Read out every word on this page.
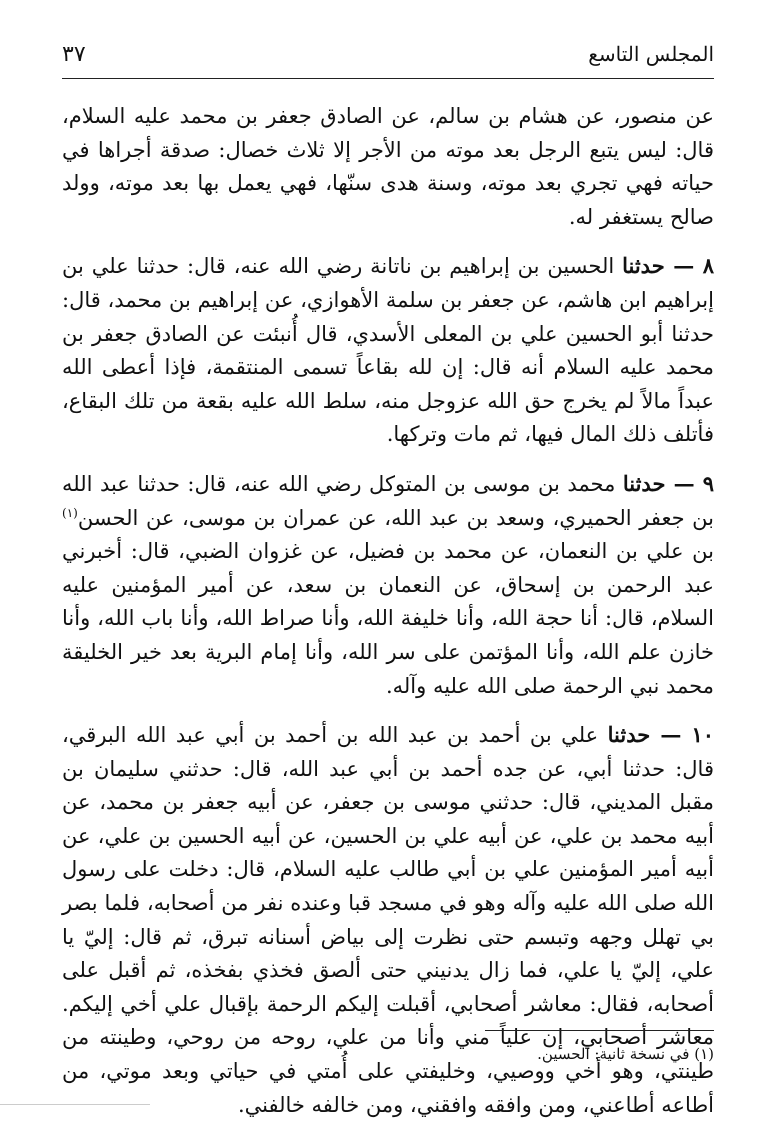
٣٧	المجلس التاسع

عن منصور، عن هشام بن سالم، عن الصادق جعفر بن محمد عليه السلام، قال: ليس يتبع الرجل بعد موته من الأجر إلا ثلاث خصال: صدقة أجراها في حياته فهي تجري بعد موته، وسنة هدى سنّها، فهي يعمل بها بعد موته، وولد صالح يستغفر له.

٨ — حدثنا الحسين بن إبراهيم بن ناتانة رضي الله عنه، قال: حدثنا علي بن إبراهيم ابن هاشم، عن جعفر بن سلمة الأهوازي، عن إبراهيم بن محمد، قال: حدثنا أبو الحسين علي بن المعلى الأسدي، قال أُنبئت عن الصادق جعفر بن محمد عليه السلام أنه قال: إن لله بقاعاً تسمى المنتقمة، فإذا أعطى الله عبداً مالاً لم يخرج حق الله عزوجل منه، سلط الله عليه بقعة من تلك البقاع، فأتلف ذلك المال فيها، ثم مات وتركها.

٩ — حدثنا محمد بن موسى بن المتوكل رضي الله عنه، قال: حدثنا عبد الله بن جعفر الحميري، وسعد بن عبد الله، عن عمران بن موسى، عن الحسن$^{(١)}$ بن علي بن النعمان، عن محمد بن فضيل، عن غزوان الضبي، قال: أخبرني عبد الرحمن بن إسحاق، عن النعمان بن سعد، عن أمير المؤمنين عليه السلام، قال: أنا حجة الله، وأنا خليفة الله، وأنا صراط الله، وأنا باب الله، وأنا خازن علم الله، وأنا المؤتمن على سر الله، وأنا إمام البرية بعد خير الخليقة محمد نبي الرحمة صلى الله عليه وآله.

١٠ — حدثنا علي بن أحمد بن عبد الله بن أحمد بن أبي عبد الله البرقي، قال: حدثنا أبي، عن جده أحمد بن أبي عبد الله، قال: حدثني سليمان بن مقبل المديني، قال: حدثني موسى بن جعفر، عن أبيه جعفر بن محمد، عن أبيه محمد بن علي، عن أبيه علي بن الحسين، عن أبيه الحسين بن علي، عن أبيه أمير المؤمنين علي بن أبي طالب عليه السلام، قال: دخلت على رسول الله صلى الله عليه وآله وهو في مسجد قبا وعنده نفر من أصحابه، فلما بصر بي تهلل وجهه وتبسم حتى نظرت إلى بياض أسنانه تبرق، ثم قال: إليّ يا علي، إليّ يا علي، فما زال يدنيني حتى ألصق فخذي بفخذه، ثم أقبل على أصحابه، فقال: معاشر أصحابي، أقبلت إليكم الرحمة بإقبال علي أخي إليكم. معاشر أصحابي، إن علياً مني وأنا من علي، روحه من روحي، وطينته من طينتي، وهو أخي ووصيي، وخليفتي على أُمتي في حياتي وبعد موتي، من أطاعه أطاعني، ومن وافقه وافقني، ومن خالفه خالفني.

(١) في نسخة ثانية: الحسين.
